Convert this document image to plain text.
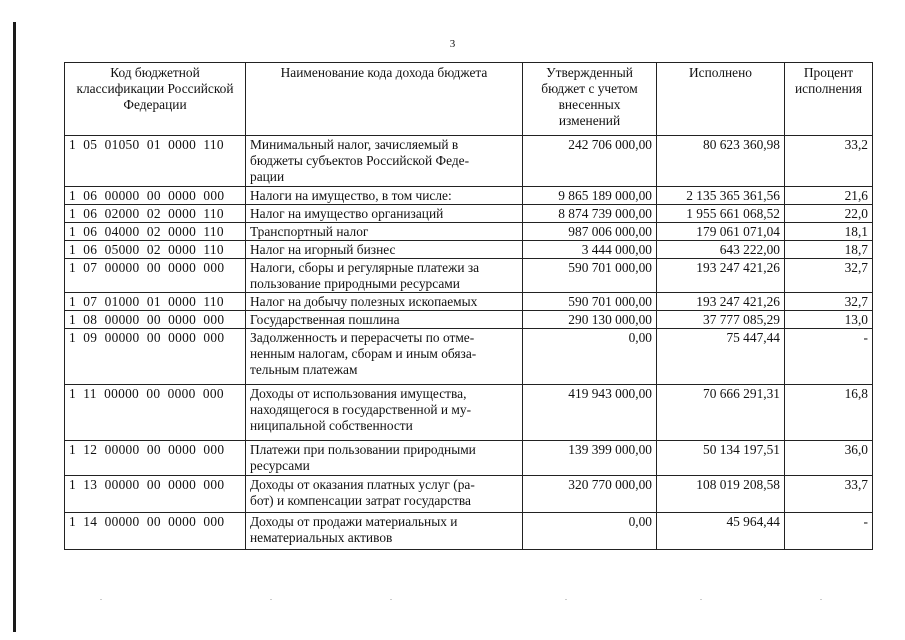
3
Код бюджетной классификации Российской Федерации	Наименование кода дохода бюджета	Утвержденный бюджет с учетом внесенных изменений	Исполнено	Процент исполнения
1  05  01050  01  0000  110	Минимальный налог, зачисляемый в
бюджеты субъектов Российской Феде-
рации	242 706 000,00	80 623 360,98	33,2
1  06  00000  00  0000  000	Налоги на имущество, в том числе:	9 865 189 000,00	2 135 365 361,56	21,6
1  06  02000  02  0000  110	Налог на имущество организаций	8 874 739 000,00	1 955 661 068,52	22,0
1  06  04000  02  0000  110	Транспортный налог	987 006 000,00	179 061 071,04	18,1
1  06  05000  02  0000  110	Налог на игорный бизнес	3 444 000,00	643 222,00	18,7
1  07  00000  00  0000  000	Налоги, сборы и регулярные платежи за
пользование природными ресурсами	590 701 000,00	193 247 421,26	32,7
1  07  01000  01  0000  110	Налог на добычу полезных ископаемых	590 701 000,00	193 247 421,26	32,7
1  08  00000  00  0000  000	Государственная пошлина	290 130 000,00	37 777 085,29	13,0
1  09  00000  00  0000  000	Задолженность и перерасчеты по отме-
ненным налогам, сборам и иным обяза-
тельным платежам	0,00	75 447,44	-
1  11  00000  00  0000  000	Доходы от использования имущества,
находящегося в государственной и му-
ниципальной собственности	419 943 000,00	70 666 291,31	16,8
1  12  00000  00  0000  000	Платежи при пользовании природными
ресурсами	139 399 000,00	50 134 197,51	36,0
1  13  00000  00  0000  000	Доходы от оказания платных услуг (ра-
бот) и компенсации затрат государства	320 770 000,00	108 019 208,58	33,7
1  14  00000  00  0000  000	Доходы от продажи материальных и
нематериальных активов	0,00	45 964,44	-
